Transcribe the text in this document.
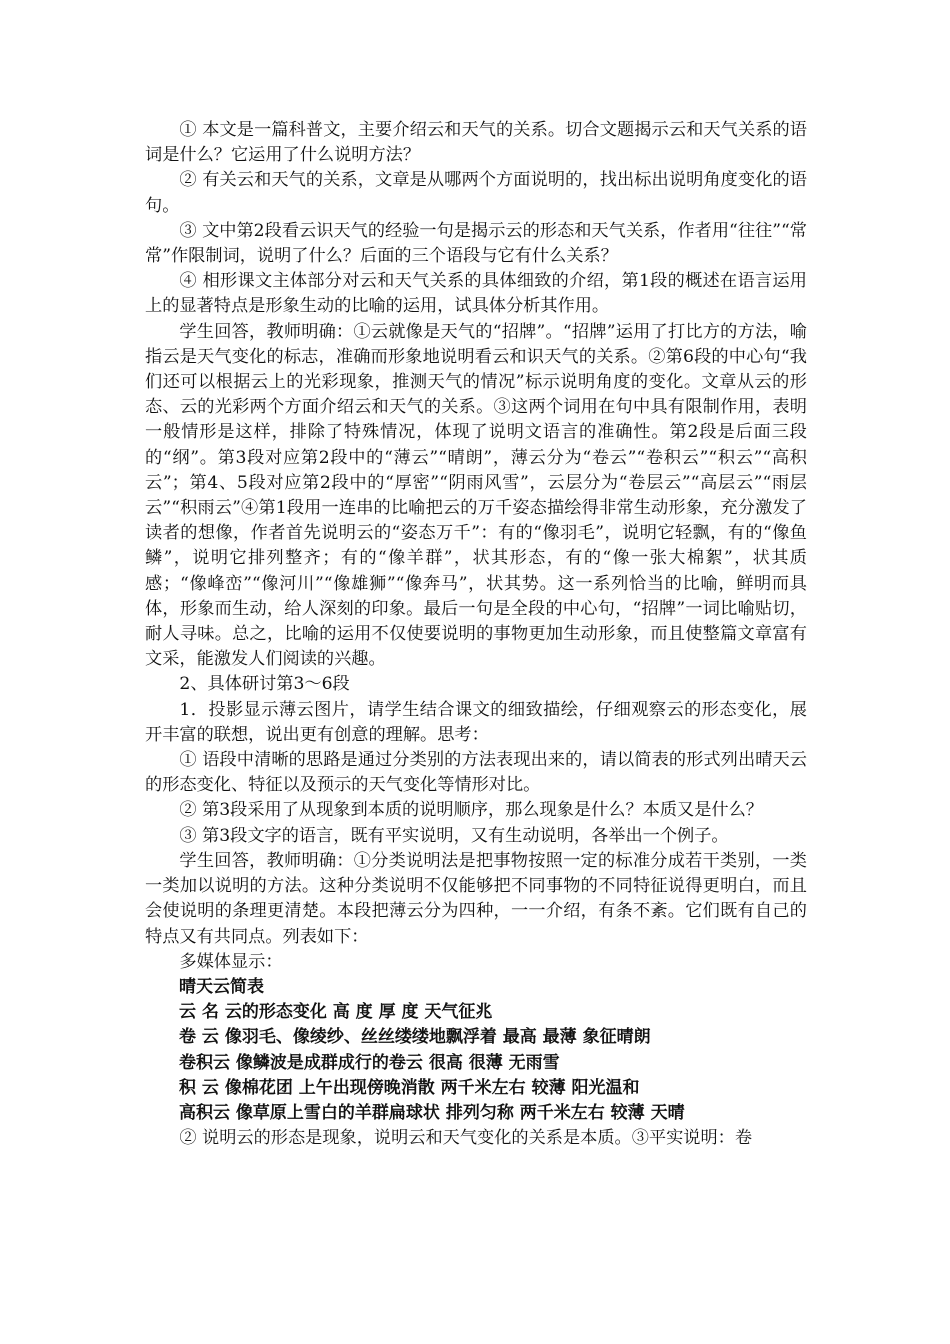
① 本文是一篇科普文，主要介绍云和天气的关系。切合文题揭示云和天气关系的语词是什么？它运用了什么说明方法？

② 有关云和天气的关系，文章是从哪两个方面说明的，找出标出说明角度变化的语句。

③ 文中第2段看云识天气的经验一句是揭示云的形态和天气关系，作者用“往往”“常常”作限制词，说明了什么？后面的三个语段与它有什么关系？

④ 相形课文主体部分对云和天气关系的具体细致的介绍，第1段的概述在语言运用上的显著特点是形象生动的比喻的运用，试具体分析其作用。

学生回答，教师明确：①云就像是天气的“招牌”。“招牌”运用了打比方的方法，喻指云是天气变化的标志，准确而形象地说明看云和识天气的关系。②第6段的中心句“我们还可以根据云上的光彩现象，推测天气的情况”标示说明角度的变化。文章从云的形态、云的光彩两个方面介绍云和天气的关系。③这两个词用在句中具有限制作用，表明一般情形是这样，排除了特殊情况，体现了说明文语言的准确性。第2段是后面三段的“纲”。第3段对应第2段中的“薄云”“晴朗”，薄云分为“卷云”“卷积云”“积云”“高积云”；第4、5段对应第2段中的“厚密”“阴雨风雪”，云层分为“卷层云”“高层云”“雨层云”“积雨云”④第1段用一连串的比喻把云的万千姿态描绘得非常生动形象，充分激发了读者的想像，作者首先说明云的“姿态万千”：有的“像羽毛”，说明它轻飘，有的“像鱼鳞”，说明它排列整齐；有的“像羊群”，状其形态，有的“像一张大棉絮”，状其质感；“像峰峦”“像河川”“像雄狮”“像奔马”，状其势。这一系列恰当的比喻，鲜明而具体，形象而生动，给人深刻的印象。最后一句是全段的中心句，“招牌”一词比喻贴切，耐人寻味。总之，比喻的运用不仅使要说明的事物更加生动形象，而且使整篇文章富有文采，能激发人们阅读的兴趣。

2、具体研讨第3～6段

1．投影显示薄云图片，请学生结合课文的细致描绘，仔细观察云的形态变化，展开丰富的联想，说出更有创意的理解。思考：

① 语段中清晰的思路是通过分类别的方法表现出来的，请以简表的形式列出晴天云的形态变化、特征以及预示的天气变化等情形对比。

② 第3段采用了从现象到本质的说明顺序，那么现象是什么？本质又是什么？

③ 第3段文字的语言，既有平实说明，又有生动说明，各举出一个例子。

学生回答，教师明确：①分类说明法是把事物按照一定的标准分成若干类别，一类一类加以说明的方法。这种分类说明不仅能够把不同事物的不同特征说得更明白，而且会使说明的条理更清楚。本段把薄云分为四种，一一介绍，有条不紊。它们既有自己的特点又有共同点。列表如下：

多媒体显示：

晴天云简表
云 名 云的形态变化 高 度 厚 度 天气征兆
卷 云 像羽毛、像绫纱、丝丝缕缕地飘浮着 最高 最薄 象征晴朗
卷积云 像鳞波是成群成行的卷云 很高 很薄 无雨雪
积 云 像棉花团 上午出现傍晚消散 两千米左右 较薄 阳光温和
高积云 像草原上雪白的羊群扁球状 排列匀称 两千米左右 较薄 天晴

② 说明云的形态是现象，说明云和天气变化的关系是本质。③平实说明：卷
